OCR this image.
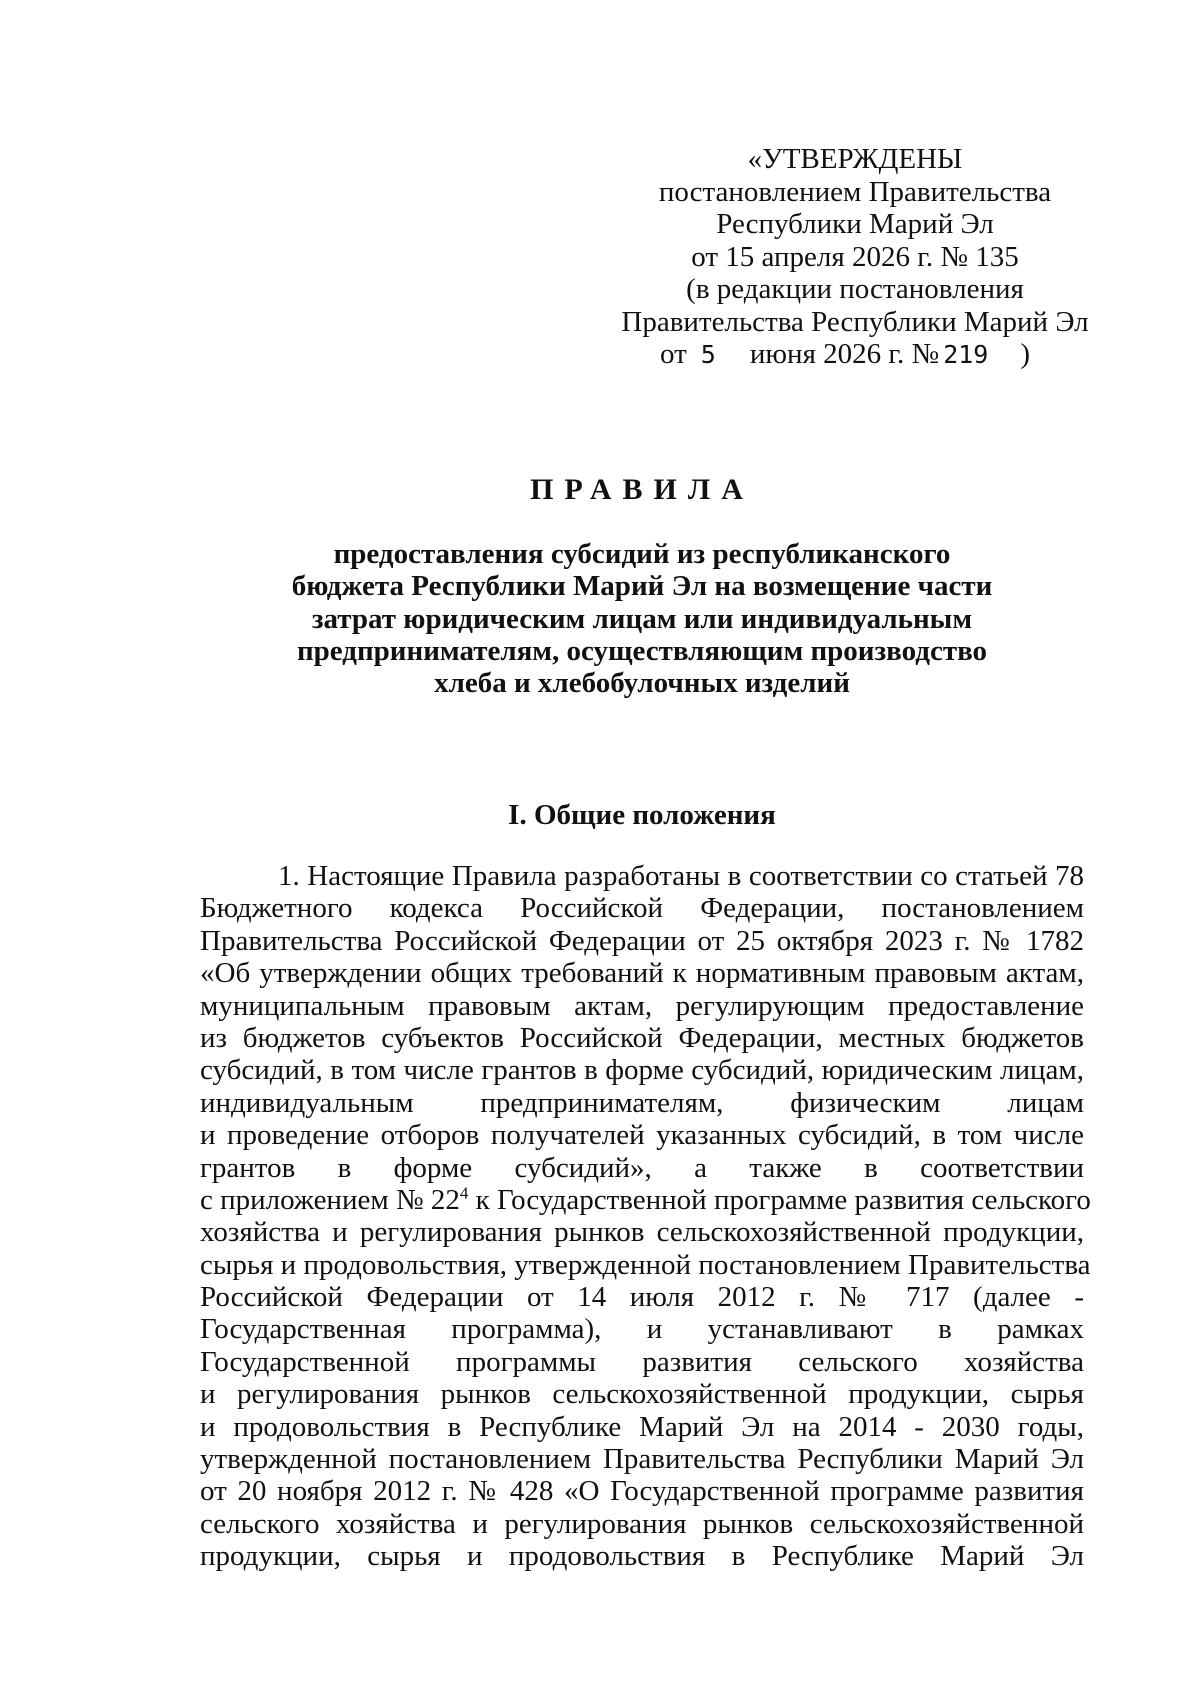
«УТВЕРЖДЕНЫ
постановлением Правительства
Республики Марий Эл
от 15 апреля 2026 г. № 135
(в редакции постановления
Правительства Республики Марий Эл
от 5 июня 2026 г. № 219 )
ПРАВИЛА
предоставления субсидий из республиканского
бюджета Республики Марий Эл на возмещение части
затрат юридическим лицам или индивидуальным
предпринимателям, осуществляющим производство
хлеба и хлебобулочных изделий
I. Общие положения
1. Настоящие Правила разработаны в соответствии со статьей 78
Бюджетного кодекса Российской Федерации, постановлением
Правительства Российской Федерации от 25 октября 2023 г. № 1782
«Об утверждении общих требований к нормативным правовым актам,
муниципальным правовым актам, регулирующим предоставление
из бюджетов субъектов Российской Федерации, местных бюджетов
субсидий, в том числе грантов в форме субсидий, юридическим лицам,
индивидуальным предпринимателям, физическим лицам
и проведение отборов получателей указанных субсидий, в том числе
грантов в форме субсидий», а также в соответствии
с приложением № $22^4$ к Государственной программе развития сельского
хозяйства и регулирования рынков сельскохозяйственной продукции,
сырья и продовольствия, утвержденной постановлением Правительства
Российской Федерации от 14 июля 2012 г. № 717 (далее -
Государственная программа), и устанавливают в рамках
Государственной программы развития сельского хозяйства
и регулирования рынков сельскохозяйственной продукции, сырья
и продовольствия в Республике Марий Эл на 2014 - 2030 годы,
утвержденной постановлением Правительства Республики Марий Эл
от 20 ноября 2012 г. № 428 «О Государственной программе развития
сельского хозяйства и регулирования рынков сельскохозяйственной
продукции, сырья и продовольствия в Республике Марий Эл
